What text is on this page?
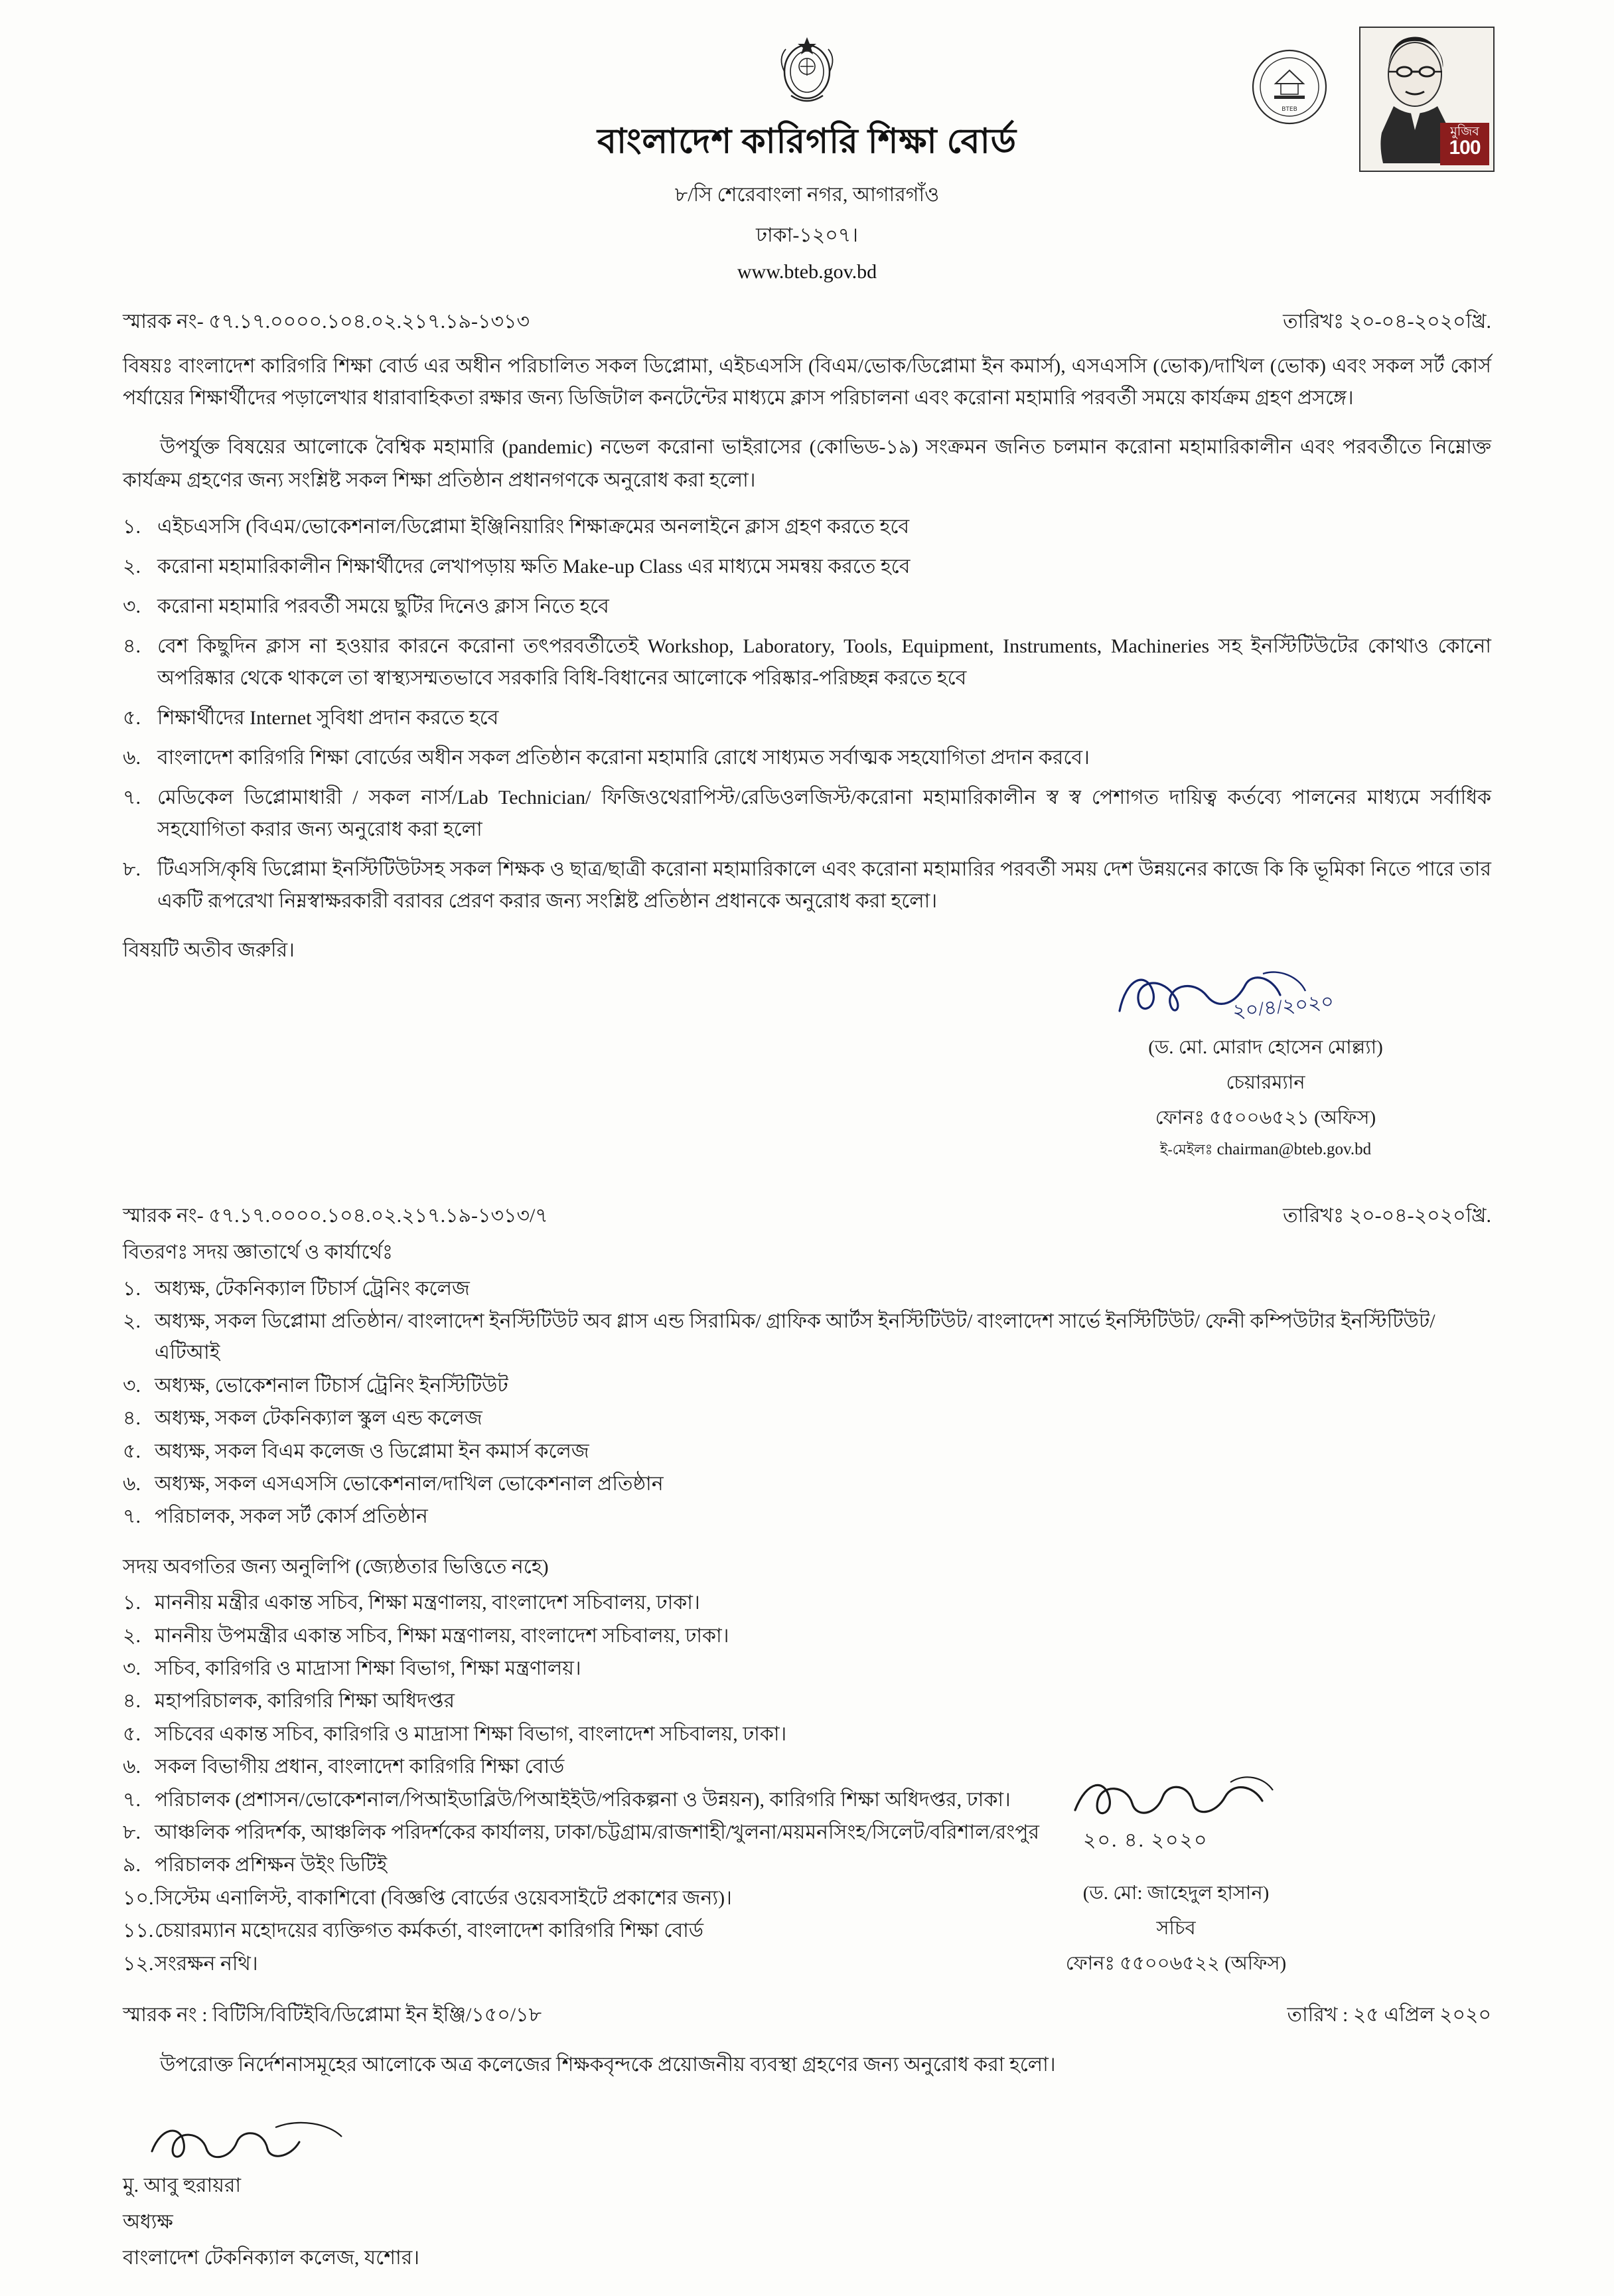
BTEB
মুজিব
100
বাংলাদেশ কারিগরি শিক্ষা বোর্ড
৮/সি শেরেবাংলা নগর, আগারগাঁও
ঢাকা-১২০৭।
www.bteb.gov.bd
স্মারক নং- ৫৭.১৭.০০০০.১০৪.০২.২১৭.১৯-১৩১৩	তারিখঃ ২০-০৪-২০২০খ্রি.
বিষয়ঃ বাংলাদেশ কারিগরি শিক্ষা বোর্ড এর অধীন পরিচালিত সকল ডিপ্লোমা, এইচএসসি (বিএম/ভোক/ডিপ্লোমা ইন কমার্স), এসএসসি (ভোক)/দাখিল (ভোক) এবং সকল সর্ট কোর্স পর্যায়ের শিক্ষার্থীদের পড়ালেখার ধারাবাহিকতা রক্ষার জন্য ডিজিটাল কনটেন্টের মাধ্যমে ক্লাস পরিচালনা এবং করোনা মহামারি পরবর্তী সময়ে কার্যক্রম গ্রহণ প্রসঙ্গে।
উপর্যুক্ত বিষয়ের আলোকে বৈশ্বিক মহামারি (pandemic) নভেল করোনা ভাইরাসের (কোভিড-১৯) সংক্রমন জনিত চলমান করোনা মহামারিকালীন এবং পরবর্তীতে নিম্নোক্ত কার্যক্রম গ্রহণের জন্য সংশ্লিষ্ট সকল শিক্ষা প্রতিষ্ঠান প্রধানগণকে অনুরোধ করা হলো।
১. এইচএসসি (বিএম/ভোকেশনাল/ডিপ্লোমা ইঞ্জিনিয়ারিং শিক্ষাক্রমের অনলাইনে ক্লাস গ্রহণ করতে হবে
২. করোনা মহামারিকালীন শিক্ষার্থীদের লেখাপড়ায় ক্ষতি Make-up Class এর মাধ্যমে সমন্বয় করতে হবে
৩. করোনা মহামারি পরবর্তী সময়ে ছুটির দিনেও ক্লাস নিতে হবে
৪. বেশ কিছুদিন ক্লাস না হওয়ার কারনে করোনা তৎপরবর্তীতেই Workshop, Laboratory, Tools, Equipment, Instruments, Machineries সহ ইনস্টিটিউটের কোথাও কোনো অপরিষ্কার থেকে থাকলে তা স্বাস্থ্যসম্মতভাবে সরকারি বিধি-বিধানের আলোকে পরিষ্কার-পরিচ্ছন্ন করতে হবে
৫. শিক্ষার্থীদের Internet সুবিধা প্রদান করতে হবে
৬. বাংলাদেশ কারিগরি শিক্ষা বোর্ডের অধীন সকল প্রতিষ্ঠান করোনা মহামারি রোধে সাধ্যমত সর্বাত্মক সহযোগিতা প্রদান করবে।
৭. মেডিকেল ডিপ্লোমাধারী / সকল নার্স/Lab Technician/ ফিজিওথেরাপিস্ট/রেডিওলজিস্ট/করোনা মহামারিকালীন স্ব স্ব পেশাগত দায়িত্ব কর্তব্যে পালনের মাধ্যমে সর্বাধিক সহযোগিতা করার জন্য অনুরোধ করা হলো
৮. টিএসসি/কৃষি ডিপ্লোমা ইনস্টিটিউটসহ সকল শিক্ষক ও ছাত্র/ছাত্রী করোনা মহামারিকালে এবং করোনা মহামারির পরবর্তী সময় দেশ উন্নয়নের কাজে কি কি ভূমিকা নিতে পারে তার একটি রূপরেখা নিম্নস্বাক্ষরকারী বরাবর প্রেরণ করার জন্য সংশ্লিষ্ট প্রতিষ্ঠান প্রধানকে অনুরোধ করা হলো।
বিষয়টি অতীব জরুরি।
২০/৪/২০২০
(ড. মো. মোরাদ হোসেন মোল্ল্যা)
চেয়ারম্যান
ফোনঃ ৫৫০০৬৫২১ (অফিস)
ই-মেইলঃ chairman@bteb.gov.bd
স্মারক নং- ৫৭.১৭.০০০০.১০৪.০২.২১৭.১৯-১৩১৩/৭	তারিখঃ ২০-০৪-২০২০খ্রি.
বিতরণঃ সদয় জ্ঞাতার্থে ও কার্যার্থেঃ
১. অধ্যক্ষ, টেকনিক্যাল টিচার্স ট্রেনিং কলেজ
২. অধ্যক্ষ, সকল ডিপ্লোমা প্রতিষ্ঠান/ বাংলাদেশ ইনস্টিটিউট অব গ্লাস এন্ড সিরামিক/ গ্রাফিক আর্টস ইনস্টিটিউট/ বাংলাদেশ সার্ভে ইনস্টিটিউট/ ফেনী কম্পিউটার ইনস্টিটিউট/ এটিআই
৩. অধ্যক্ষ, ভোকেশনাল টিচার্স ট্রেনিং ইনস্টিটিউট
৪. অধ্যক্ষ, সকল টেকনিক্যাল স্কুল এন্ড কলেজ
৫. অধ্যক্ষ, সকল বিএম কলেজ ও ডিপ্লোমা ইন কমার্স কলেজ
৬. অধ্যক্ষ, সকল এসএসসি ভোকেশনাল/দাখিল ভোকেশনাল প্রতিষ্ঠান
৭. পরিচালক, সকল সর্ট কোর্স প্রতিষ্ঠান
সদয় অবগতির জন্য অনুলিপি (জ্যেষ্ঠতার ভিত্তিতে নহে)
১. মাননীয় মন্ত্রীর একান্ত সচিব, শিক্ষা মন্ত্রণালয়, বাংলাদেশ সচিবালয়, ঢাকা।
২. মাননীয় উপমন্ত্রীর একান্ত সচিব, শিক্ষা মন্ত্রণালয়, বাংলাদেশ সচিবালয়, ঢাকা।
৩. সচিব, কারিগরি ও মাদ্রাসা শিক্ষা বিভাগ, শিক্ষা মন্ত্রণালয়।
৪. মহাপরিচালক, কারিগরি শিক্ষা অধিদপ্তর
৫. সচিবের একান্ত সচিব, কারিগরি ও মাদ্রাসা শিক্ষা বিভাগ, বাংলাদেশ সচিবালয়, ঢাকা।
৬. সকল বিভাগীয় প্রধান, বাংলাদেশ কারিগরি শিক্ষা বোর্ড
৭. পরিচালক (প্রশাসন/ভোকেশনাল/পিআইডাব্লিউ/পিআইইউ/পরিকল্পনা ও উন্নয়ন), কারিগরি শিক্ষা অধিদপ্তর, ঢাকা।
৮. আঞ্চলিক পরিদর্শক, আঞ্চলিক পরিদর্শকের কার্যালয়, ঢাকা/চট্টগ্রাম/রাজশাহী/খুলনা/ময়মনসিংহ/সিলেট/বরিশাল/রংপুর
৯. পরিচালক প্রশিক্ষন উইং ডিটিই
১০. সিস্টেম এনালিস্ট, বাকাশিবো (বিজ্ঞপ্তি বোর্ডের ওয়েবসাইটে প্রকাশের জন্য)।
১১. চেয়ারম্যান মহোদয়ের ব্যক্তিগত কর্মকর্তা, বাংলাদেশ কারিগরি শিক্ষা বোর্ড
১২. সংরক্ষন নথি।
২০. ৪. ২০২০
(ড. মো: জাহেদুল হাসান)
সচিব
ফোনঃ ৫৫০০৬৫২২ (অফিস)
স্মারক নং : বিটিসি/বিটিইবি/ডিপ্লোমা ইন ইঞ্জি/১৫০/১৮	তারিখ : ২৫ এপ্রিল ২০২০
উপরোক্ত নির্দেশনাসমূহের আলোকে অত্র কলেজের শিক্ষকবৃন্দকে প্রয়োজনীয় ব্যবস্থা গ্রহণের জন্য অনুরোধ করা হলো।
মু. আবু হুরায়রা
অধ্যক্ষ
বাংলাদেশ টেকনিক্যাল কলেজ, যশোর।
